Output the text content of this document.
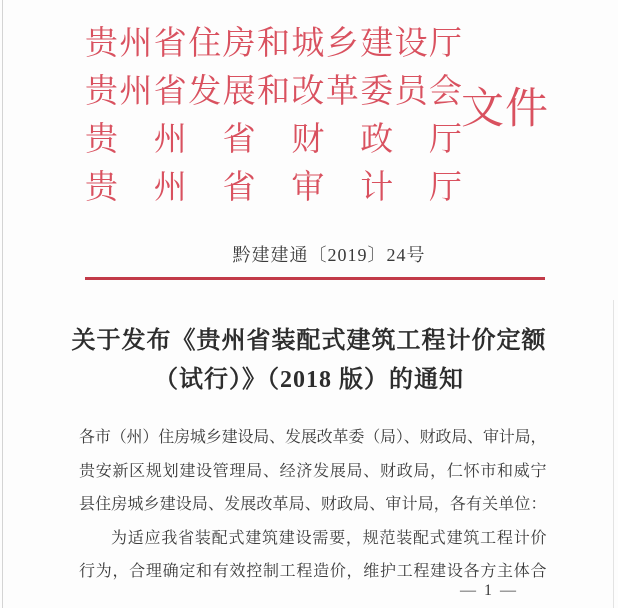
贵州省住房和城乡建设厅
贵州省发展和改革委员会
贵州省财政厅
贵州省审计厅
文件
黔建建通〔2019〕24号
关于发布《贵州省装配式建筑工程计价定额
（试行）》（2018 版）的通知
各市（州）住房城乡建设局、发展改革委（局）、财政局、审计局，
贵安新区规划建设管理局、经济发展局、财政局，仁怀市和威宁
县住房城乡建设局、发展改革局、财政局、审计局，各有关单位：
为适应我省装配式建筑建设需要，规范装配式建筑工程计价
行为，合理确定和有效控制工程造价，维护工程建设各方主体合
— 1 —
